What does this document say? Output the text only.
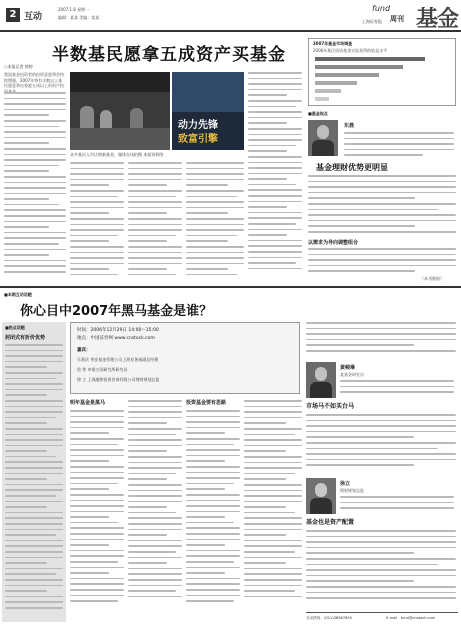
2 互动
2007.1.8 星期一
编辑：某某 美编：某某
fund
上海证券报 周刊 基金
半数基民愿拿五成资产买基金
○本报记者 徐婷
我国基金投资者的投资意愿将会持续增强，2007年将有半数以上基民愿意拿出家庭五成以上的资产投
动力先锋
致富引擎
众多基民入市认购新基金，媒体在场拍摄 本报资料图
2007年基金市场调查
2006年基民投资基金实际获得的收益水平
■基金视点
东晨
基金理财优势更明显
以需求为导向调整组合
（本刊数据）
■本期互动话题
你心目中2007年黑马基金是谁？
■热点话题
封闭式有折价优势
时间：2006年12月29日 14:00～15:00
地点：中国证券网 www.cnstock.com
嘉宾：
乐嘉庆 华安基金管理公司上海业务部副总经理
詹 铁 申银万国研究所研究员
徐 立 上海融智投资咨询有限公司理财规划总监
明年基金是黑马	投资基金要有思路
黄峻琳
某基金研究员
市场马不如买台马
徐立
理财规划总监
基金也是资产配置
互动热线：(021)38967855	E-mail：fund@cnstock.com
